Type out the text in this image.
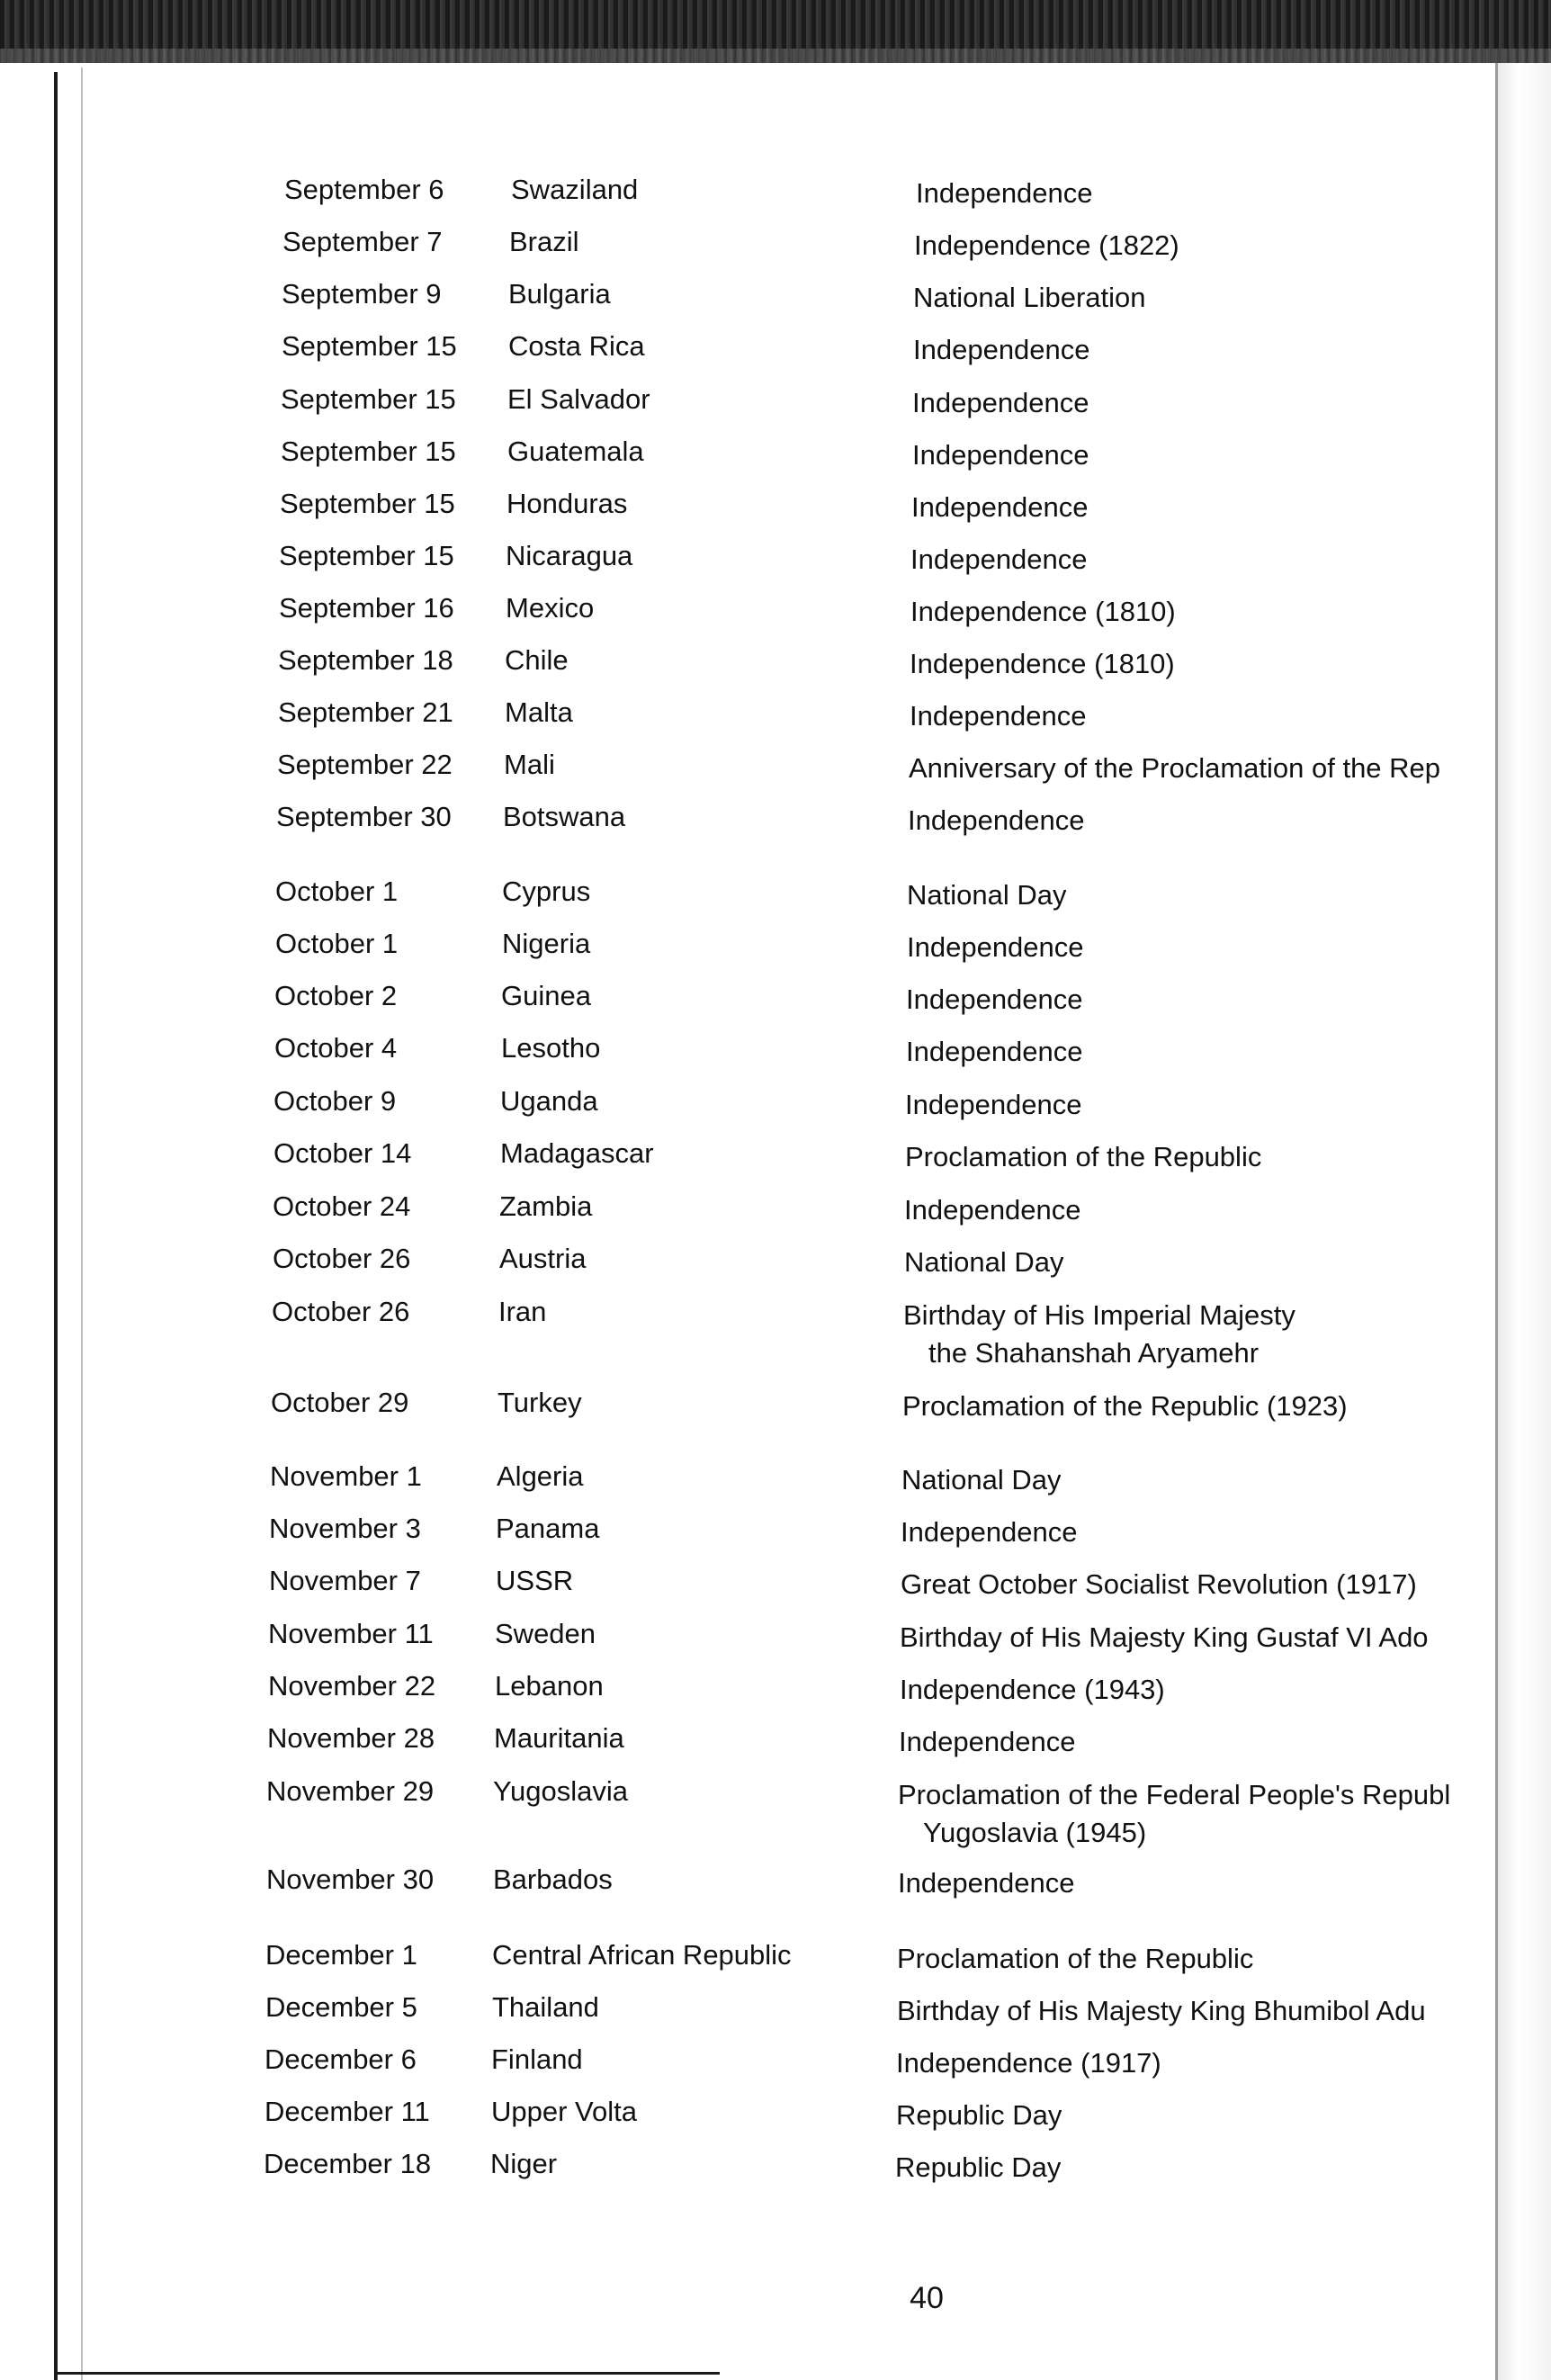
September 6 Swaziland	Independence
September 7 Brazil	Independence (1822)
September 9 Bulgaria	National Liberation
September 15 Costa Rica	Independence
September 15 El Salvador	Independence
September 15 Guatemala	Independence
September 15 Honduras	Independence
September 15 Nicaragua	Independence
September 16 Mexico	Independence (1810)
September 18 Chile	Independence (1810)
September 21 Malta	Independence
September 22 Mali	Anniversary of the Proclamation of the Rep
September 30 Botswana	Independence
October 1	Cyprus	National Day
October 1	Nigeria	Independence
October 2	Guinea	Independence
October 4	Lesotho	Independence
October 9	Uganda	Independence
October 14	Madagascar	Proclamation of the Republic
October 24	Zambia	Independence
October 26	Austria	National Day
October 26	Iran	Birthday of His Imperial Majesty
the Shahanshah Aryamehr
October 29	Turkey	Proclamation of the Republic (1923)
November 1	Algeria	National Day
November 3	Panama	Independence
November 7	USSR	Great October Socialist Revolution (1917)
November 11 Sweden	Birthday of His Majesty King Gustaf VI Ado
November 22 Lebanon	Independence (1943)
November 28 Mauritania	Independence
November 29 Yugoslavia	Proclamation of the Federal People's Republ
Yugoslavia (1945)
November 30 Barbados	Independence
December 1	Central African Republic	Proclamation of the Republic
December 5	Thailand	Birthday of His Majesty King Bhumibol Adu
December 6	Finland	Independence (1917)
December 11 Upper Volta	Republic Day
December 18 Niger	Republic Day
40
